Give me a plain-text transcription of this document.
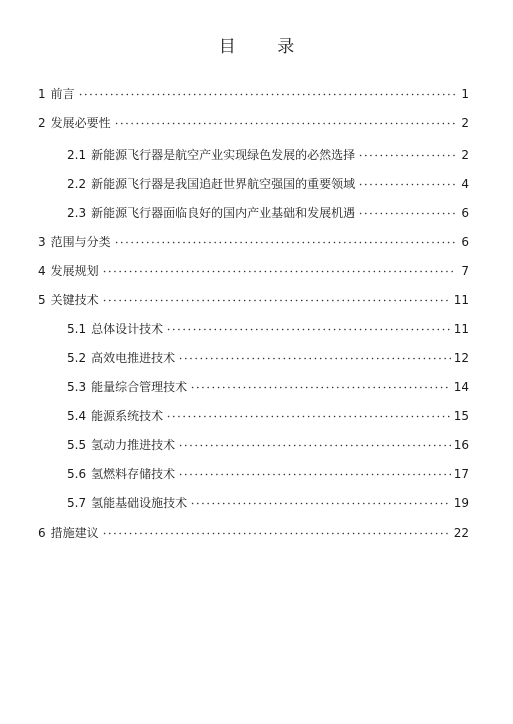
目 录
1 前言	1
2 发展必要性	2
2.1 新能源飞行器是航空产业实现绿色发展的必然选择	2
2.2 新能源飞行器是我国追赶世界航空强国的重要领域	4
2.3 新能源飞行器面临良好的国内产业基础和发展机遇	6
3 范围与分类	6
4 发展规划	7
5 关键技术	11
5.1 总体设计技术	11
5.2 高效电推进技术	12
5.3 能量综合管理技术	14
5.4 能源系统技术	15
5.5 氢动力推进技术	16
5.6 氢燃料存储技术	17
5.7 氢能基础设施技术	19
6 措施建议	22
